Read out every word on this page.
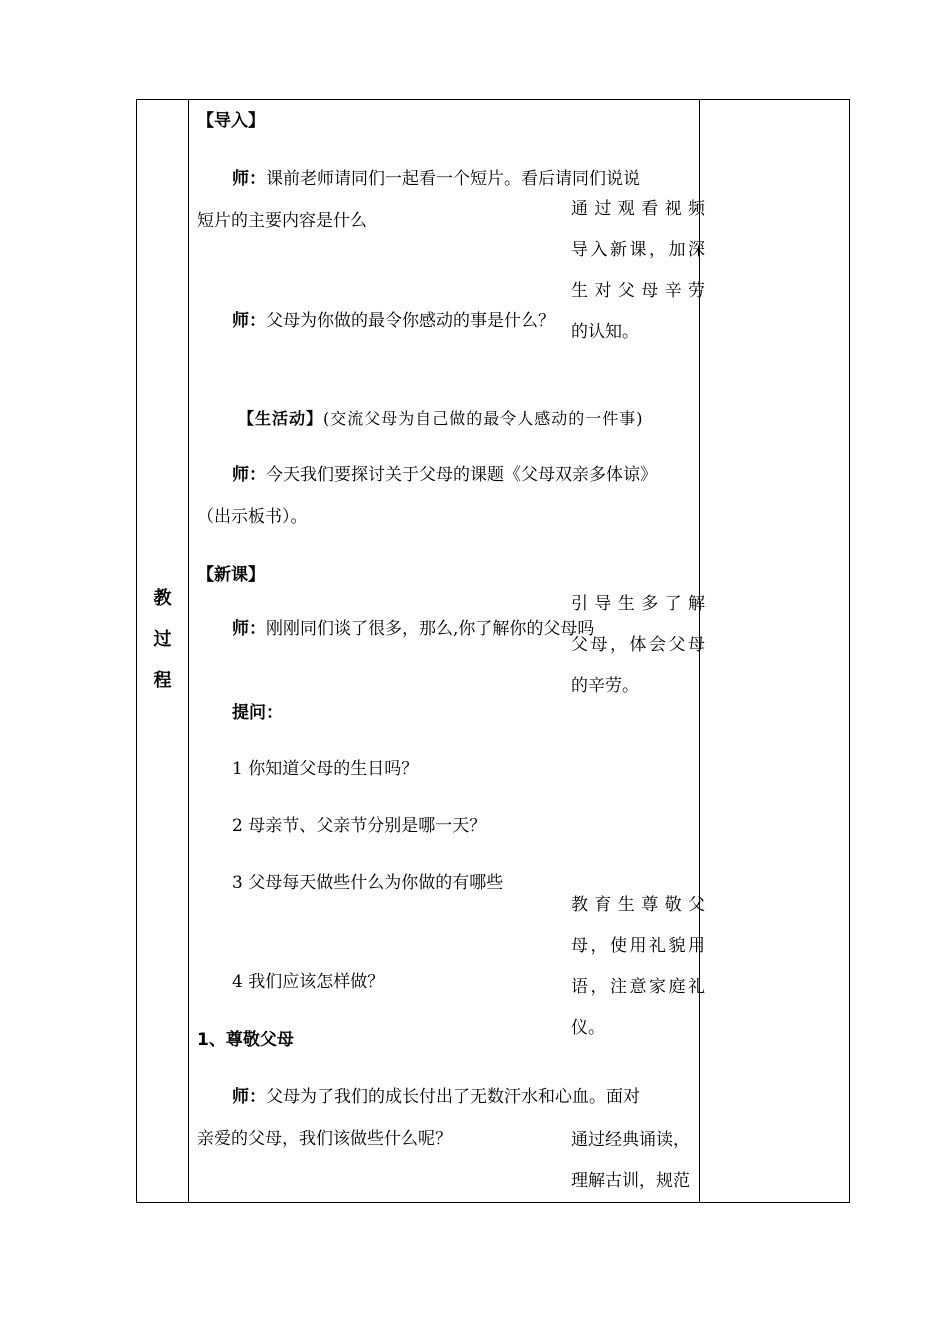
教
过
程
【导入】
师：课前老师请同们一起看一个短片。看后请同们说说
短片的主要内容是什么
师：父母为你做的最令你感动的事是什么？
【生活动】(交流父母为自己做的最令人感动的一件事)
师：今天我们要探讨关于父母的课题《父母双亲多体谅》
（出示板书）。
【新课】
师：刚刚同们谈了很多，那么,你了解你的父母吗
提问：
1 你知道父母的生日吗？
2 母亲节、父亲节分别是哪一天？
3 父母每天做些什么为你做的有哪些
4 我们应该怎样做？
1、尊敬父母
师：父母为了我们的成长付出了无数汗水和心血。面对
亲爱的父母，我们该做些什么呢？
通过观看视频
导入新课，加深
生对父母辛劳
的认知。
引导生多了解
父母，体会父母
的辛劳。
教育生尊敬父
母，使用礼貌用
语，注意家庭礼
仪。
通过经典诵读，
理解古训，规范
